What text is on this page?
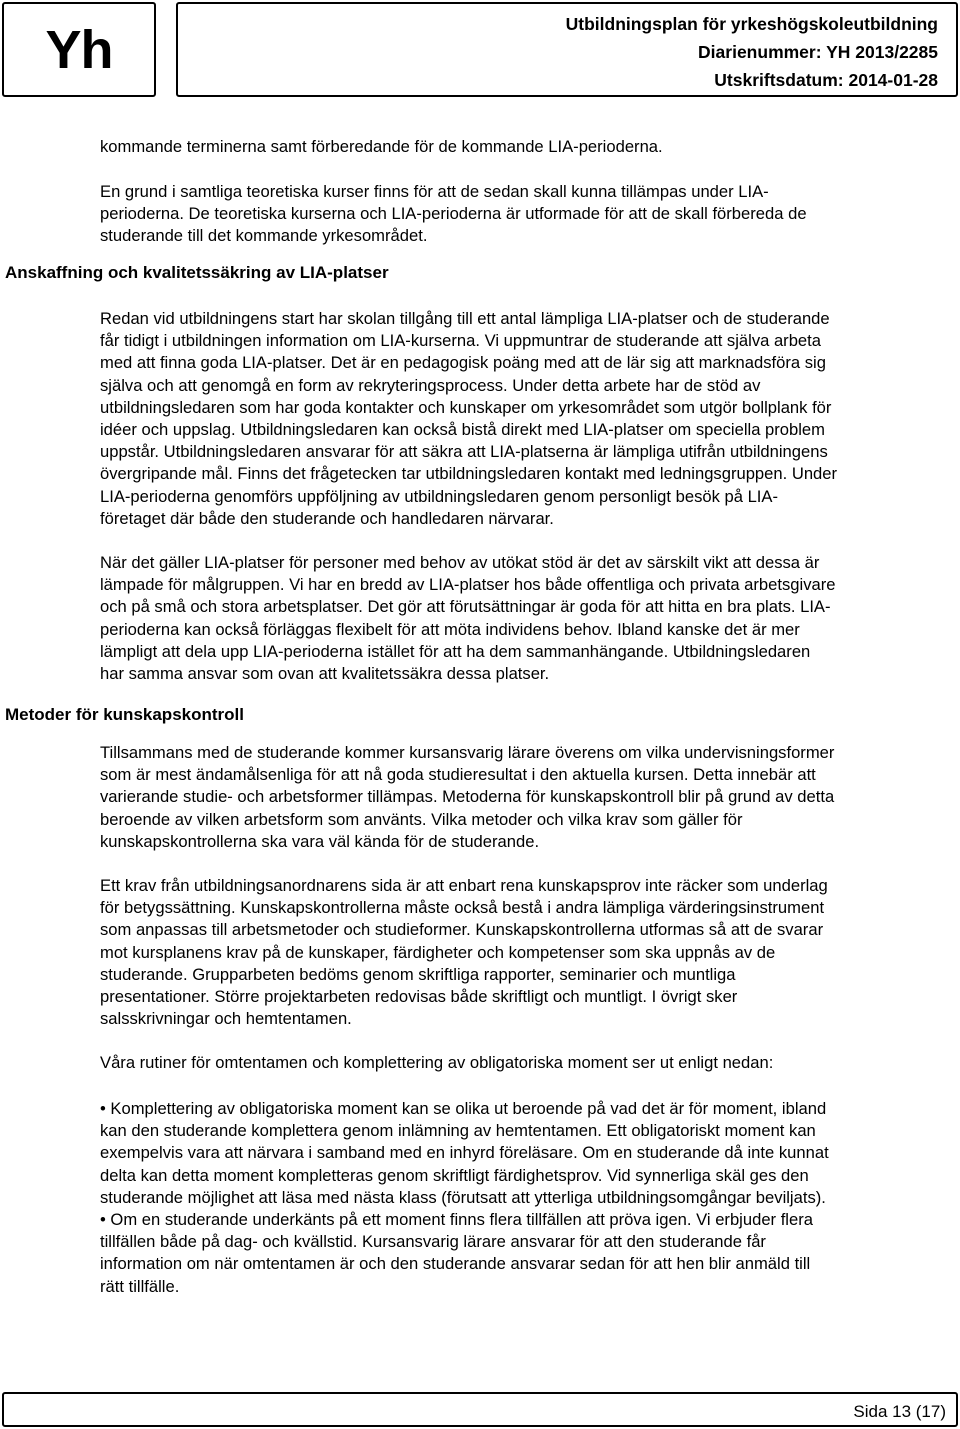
Yh	Utbildningsplan för yrkeshögskoleutbildning
Diarienummer: YH 2013/2285
Utskriftsdatum: 2014-01-28
kommande terminerna samt förberedande för de kommande LIA-perioderna.
En grund i samtliga teoretiska kurser finns för att de sedan skall kunna tillämpas under LIA-
perioderna. De teoretiska kurserna och LIA-perioderna är utformade för att de skall förbereda de
studerande till det kommande yrkesområdet.
Anskaffning och kvalitetssäkring av LIA-platser
Redan vid utbildningens start har skolan tillgång till ett antal lämpliga LIA-platser och de studerande
får tidigt i utbildningen information om LIA-kurserna. Vi uppmuntrar de studerande att själva arbeta
med att finna goda LIA-platser. Det är en pedagogisk poäng med att de lär sig att marknadsföra sig
själva och att genomgå en form av rekryteringsprocess. Under detta arbete har de stöd av
utbildningsledaren som har goda kontakter och kunskaper om yrkesområdet som utgör bollplank för
idéer och uppslag. Utbildningsledaren kan också bistå direkt med LIA-platser om speciella problem
uppstår. Utbildningsledaren ansvarar för att säkra att LIA-platserna är lämpliga utifrån utbildningens
övergripande mål. Finns det frågetecken tar utbildningsledaren kontakt med ledningsgruppen. Under
LIA-perioderna genomförs uppföljning av utbildningsledaren genom personligt besök på LIA-
företaget där både den studerande och handledaren närvarar.
När det gäller LIA-platser för personer med behov av utökat stöd är det av särskilt vikt att dessa är
lämpade för målgruppen. Vi har en bredd av LIA-platser hos både offentliga och privata arbetsgivare
och på små och stora arbetsplatser. Det gör att förutsättningar är goda för att hitta en bra plats. LIA-
perioderna kan också förläggas flexibelt för att möta individens behov. Ibland kanske det är mer
lämpligt att dela upp LIA-perioderna istället för att ha dem sammanhängande. Utbildningsledaren
har samma ansvar som ovan att kvalitetssäkra dessa platser.
Metoder för kunskapskontroll
Tillsammans med de studerande kommer kursansvarig lärare överens om vilka undervisningsformer
som är mest ändamålsenliga för att nå goda studieresultat i den aktuella kursen. Detta innebär att
varierande studie- och arbetsformer tillämpas. Metoderna för kunskapskontroll blir på grund av detta
beroende av vilken arbetsform som använts. Vilka metoder och vilka krav som gäller för
kunskapskontrollerna ska vara väl kända för de studerande.
Ett krav från utbildningsanordnarens sida är att enbart rena kunskapsprov inte räcker som underlag
för betygssättning. Kunskapskontrollerna måste också bestå i andra lämpliga värderingsinstrument
som anpassas till arbetsmetoder och studieformer. Kunskapskontrollerna utformas så att de svarar
mot kursplanens krav på de kunskaper, färdigheter och kompetenser som ska uppnås av de
studerande. Grupparbeten bedöms genom skriftliga rapporter, seminarier och muntliga
presentationer. Större projektarbeten redovisas både skriftligt och muntligt. I övrigt sker
salsskrivningar och hemtentamen.
Våra rutiner för omtentamen och komplettering av obligatoriska moment ser ut enligt nedan:
• Komplettering av obligatoriska moment kan se olika ut beroende på vad det är för moment, ibland
kan den studerande komplettera genom inlämning av hemtentamen. Ett obligatoriskt moment kan
exempelvis vara att närvara i samband med en inhyrd föreläsare. Om en studerande då inte kunnat
delta kan detta moment kompletteras genom skriftligt färdighetsprov. Vid synnerliga skäl ges den
studerande möjlighet att läsa med nästa klass (förutsatt att ytterliga utbildningsomgångar beviljats).
• Om en studerande underkänts på ett moment finns flera tillfällen att pröva igen. Vi erbjuder flera
tillfällen både på dag- och kvällstid. Kursansvarig lärare ansvarar för att den studerande får
information om när omtentamen är och den studerande ansvarar sedan för att hen blir anmäld till
rätt tillfälle.
Sida 13 (17)
